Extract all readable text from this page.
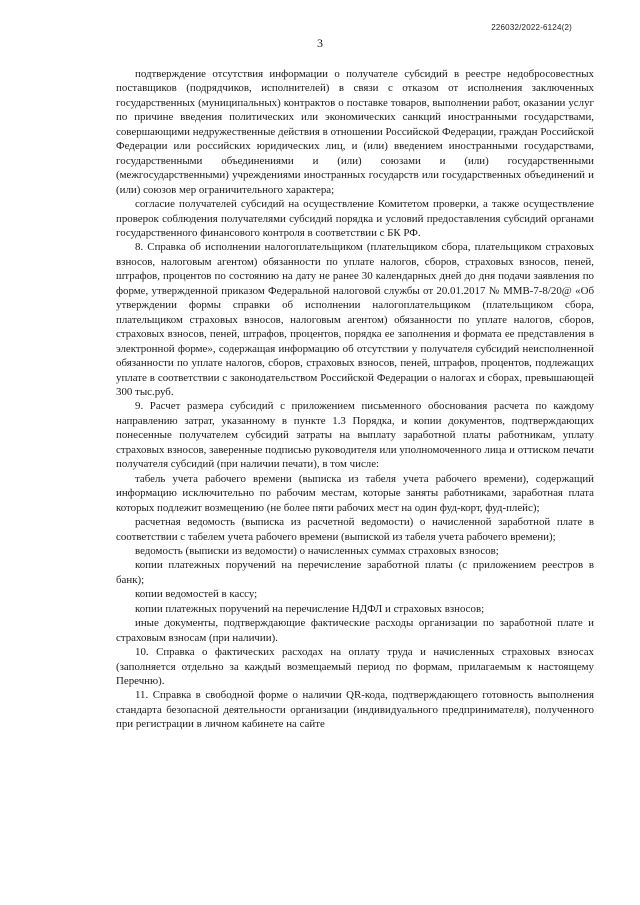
226032/2022-6124(2)
3

подтверждение отсутствия информации о получателе субсидий в реестре недобросовестных поставщиков (подрядчиков, исполнителей) в связи с отказом от исполнения заключенных государственных (муниципальных) контрактов о поставке товаров, выполнении работ, оказании услуг по причине введения политических или экономических санкций иностранными государствами, совершающими недружественные действия в отношении Российской Федерации, граждан Российской Федерации или российских юридических лиц, и (или) введением иностранными государствами, государственными объединениями и (или) союзами и (или) государственными (межгосударственными) учреждениями иностранных государств или государственных объединений и (или) союзов мер ограничительного характера;

согласие получателей субсидий на осуществление Комитетом проверки, а также осуществление проверок соблюдения получателями субсидий порядка и условий предоставления субсидий органами государственного финансового контроля в соответствии с БК РФ.

8. Справка об исполнении налогоплательщиком (плательщиком сбора, плательщиком страховых взносов, налоговым агентом) обязанности по уплате налогов, сборов, страховых взносов, пеней, штрафов, процентов по состоянию на дату не ранее 30 календарных дней до дня подачи заявления по форме, утвержденной приказом Федеральной налоговой службы от 20.01.2017 № ММВ-7-8/20@ «Об утверждении формы справки об исполнении налогоплательщиком (плательщиком сбора, плательщиком страховых взносов, налоговым агентом) обязанности по уплате налогов, сборов, страховых взносов, пеней, штрафов, процентов, порядка ее заполнения и формата ее представления в электронной форме», содержащая информацию об отсутствии у получателя субсидий неисполненной обязанности по уплате налогов, сборов, страховых взносов, пеней, штрафов, процентов, подлежащих уплате в соответствии с законодательством Российской Федерации о налогах и сборах, превышающей 300 тыс.руб.

9. Расчет размера субсидий с приложением письменного обоснования расчета по каждому направлению затрат, указанному в пункте 1.3 Порядка, и копии документов, подтверждающих понесенные получателем субсидий затраты на выплату заработной платы работникам, уплату страховых взносов, заверенные подписью руководителя или уполномоченного лица и оттиском печати получателя субсидий (при наличии печати), в том числе:

табель учета рабочего времени (выписка из табеля учета рабочего времени), содержащий информацию исключительно по рабочим местам, которые заняты работниками, заработная плата которых подлежит возмещению (не более пяти рабочих мест на один фуд-корт, фуд-плейс);

расчетная ведомость (выписка из расчетной ведомости) о начисленной заработной плате в соответствии с табелем учета рабочего времени (выпиской из табеля учета рабочего времени);

ведомость (выписки из ведомости) о начисленных суммах страховых взносов;

копии платежных поручений на перечисление заработной платы (с приложением реестров в банк);

копии ведомостей в кассу;

копии платежных поручений на перечисление НДФЛ и страховых взносов;

иные документы, подтверждающие фактические расходы организации по заработной плате и страховым взносам (при наличии).

10. Справка о фактических расходах на оплату труда и начисленных страховых взносах (заполняется отдельно за каждый возмещаемый период по формам, прилагаемым к настоящему Перечню).

11. Справка в свободной форме о наличии QR-кода, подтверждающего готовность выполнения стандарта безопасной деятельности организации (индивидуального предпринимателя), полученного при регистрации в личном кабинете на сайте
